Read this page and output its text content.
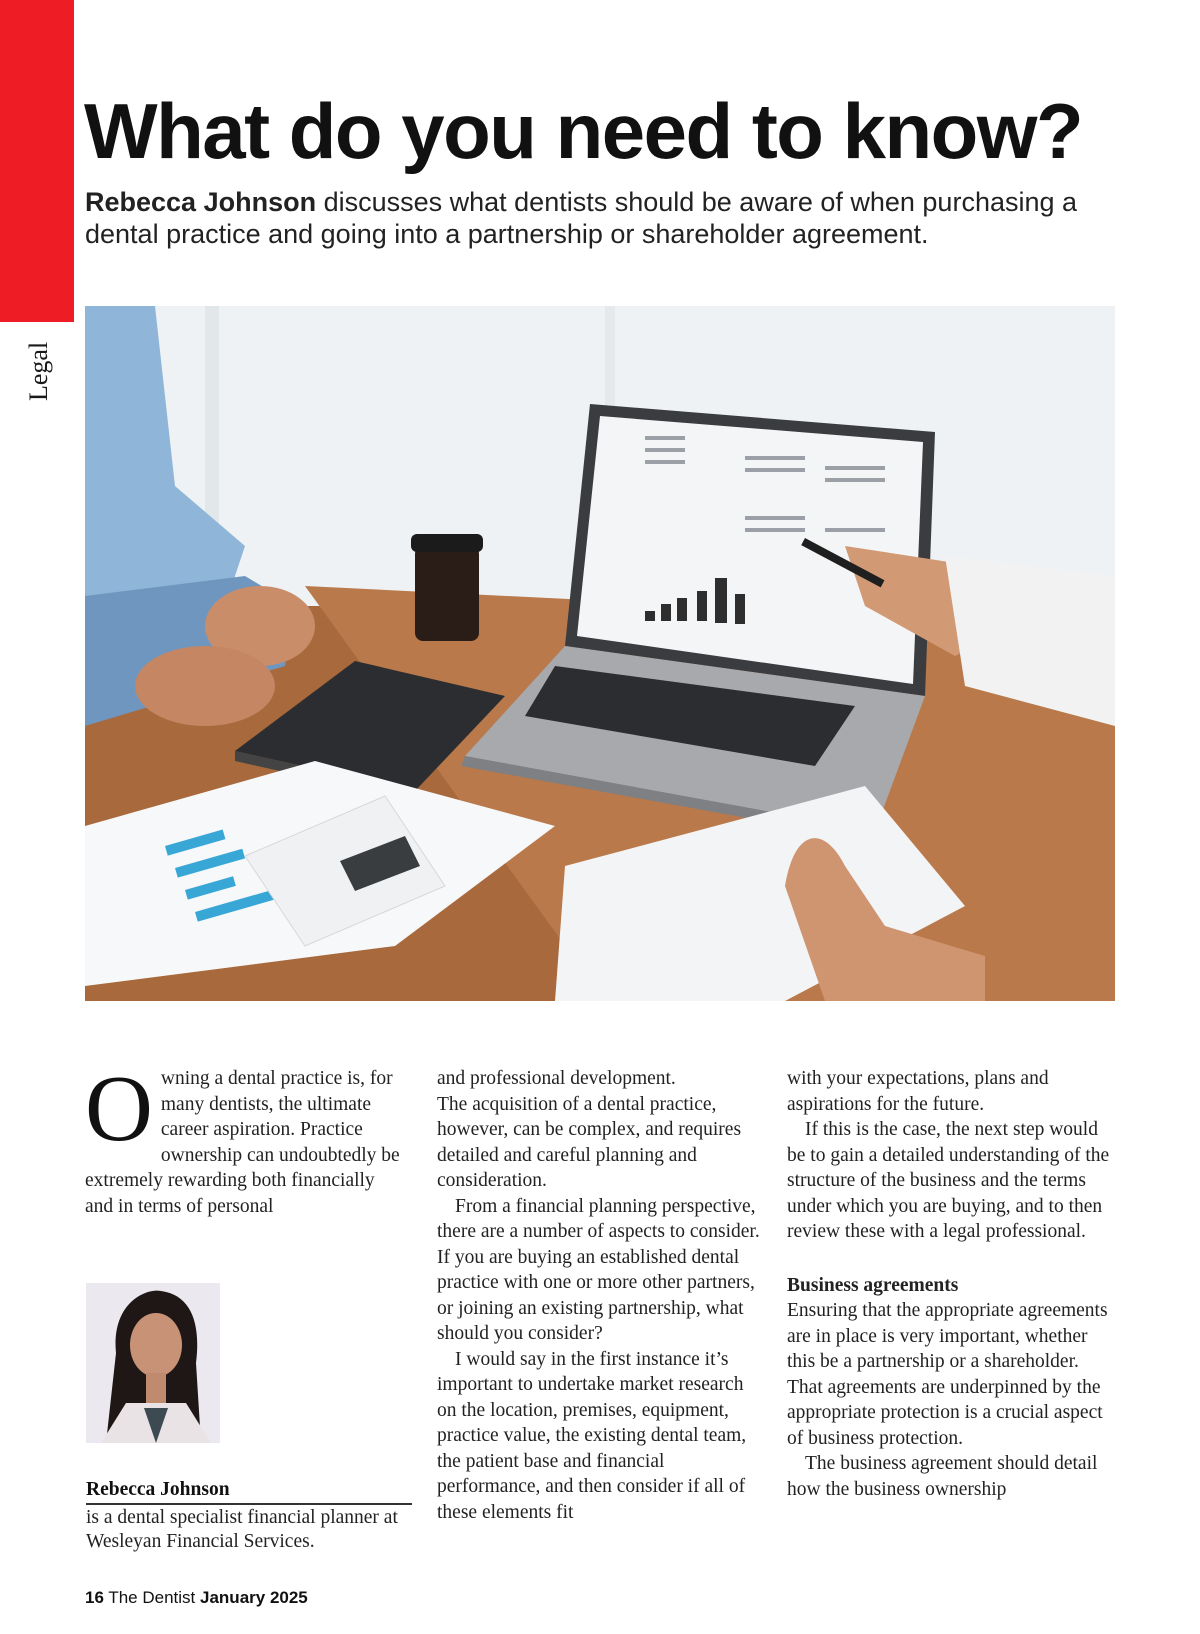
Legal
What do you need to know?

Rebecca Johnson discusses what dentists should be aware of when purchasing a dental practice and going into a partnership or shareholder agreement.

Owning a dental practice is, for many dentists, the ultimate career aspiration. Practice ownership can undoubtedly be extremely rewarding both financially and in terms of personal

Rebecca Johnson
is a dental specialist financial planner at Wesleyan Financial Services.

and professional development.

The acquisition of a dental practice, however, can be complex, and requires detailed and careful planning and consideration.

From a financial planning perspective, there are a number of aspects to consider. If you are buying an established dental practice with one or more other partners, or joining an existing partnership, what should you consider?

I would say in the first instance it’s important to undertake market research on the location, premises, equipment, practice value, the existing dental team, the patient base and financial performance, and then consider if all of these elements fit

with your expectations, plans and aspirations for the future.

If this is the case, the next step would be to gain a detailed understanding of the structure of the business and the terms under which you are buying, and to then review these with a legal professional.

Business agreements

Ensuring that the appropriate agreements are in place is very important, whether this be a partnership or a shareholder. That agreements are underpinned by the appropriate protection is a crucial aspect of business protection.

The business agreement should detail how the business ownership

16 The Dentist January 2025
